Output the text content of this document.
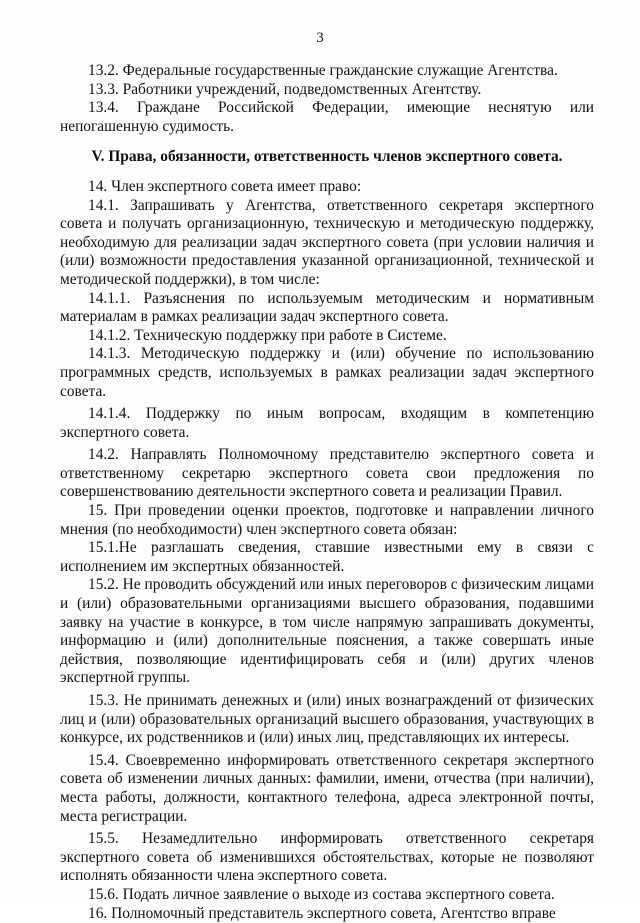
3

13.2. Федеральные государственные гражданские служащие Агентства.

13.3. Работники учреждений, подведомственных Агентству.

13.4. Граждане Российской Федерации, имеющие неснятую или непогашенную судимость.

V. Права, обязанности, ответственность членов экспертного совета.

14. Член экспертного совета имеет право:

14.1. Запрашивать у Агентства, ответственного секретаря экспертного совета и получать организационную, техническую и методическую поддержку, необходимую для реализации задач экспертного совета (при условии наличия и (или) возможности предоставления указанной организационной, технической и методической поддержки), в том числе:

14.1.1. Разъяснения по используемым методическим и нормативным материалам в рамках реализации задач экспертного совета.

14.1.2. Техническую поддержку при работе в Системе.

14.1.3. Методическую поддержку и (или) обучение по использованию программных средств, используемых в рамках реализации задач экспертного совета.

14.1.4. Поддержку по иным вопросам, входящим в компетенцию экспертного совета.

14.2. Направлять Полномочному представителю экспертного совета и ответственному секретарю экспертного совета свои предложения по совершенствованию деятельности экспертного совета и реализации Правил.

15. При проведении оценки проектов, подготовке и направлении личного мнения (по необходимости) член экспертного совета обязан:

15.1.Не разглашать сведения, ставшие известными ему в связи с исполнением им экспертных обязанностей.

15.2. Не проводить обсуждений или иных переговоров с физическим лицами и (или) образовательными организациями высшего образования, подавшими заявку на участие в конкурсе, в том числе напрямую запрашивать документы, информацию и (или) дополнительные пояснения, а также совершать иные действия, позволяющие идентифицировать себя и (или) других членов экспертной группы.

15.3. Не принимать денежных и (или) иных вознаграждений от физических лиц и (или) образовательных организаций высшего образования, участвующих в конкурсе, их родственников и (или) иных лиц, представляющих их интересы.

15.4. Своевременно информировать ответственного секретаря экспертного совета об изменении личных данных: фамилии, имени, отчества (при наличии), места работы, должности, контактного телефона, адреса электронной почты, места регистрации.

15.5. Незамедлительно информировать ответственного секретаря экспертного совета об изменившихся обстоятельствах, которые не позволяют исполнять обязанности члена экспертного совета.

15.6. Подать личное заявление о выходе из состава экспертного совета.

16. Полномочный представитель экспертного совета, Агентство вправе
